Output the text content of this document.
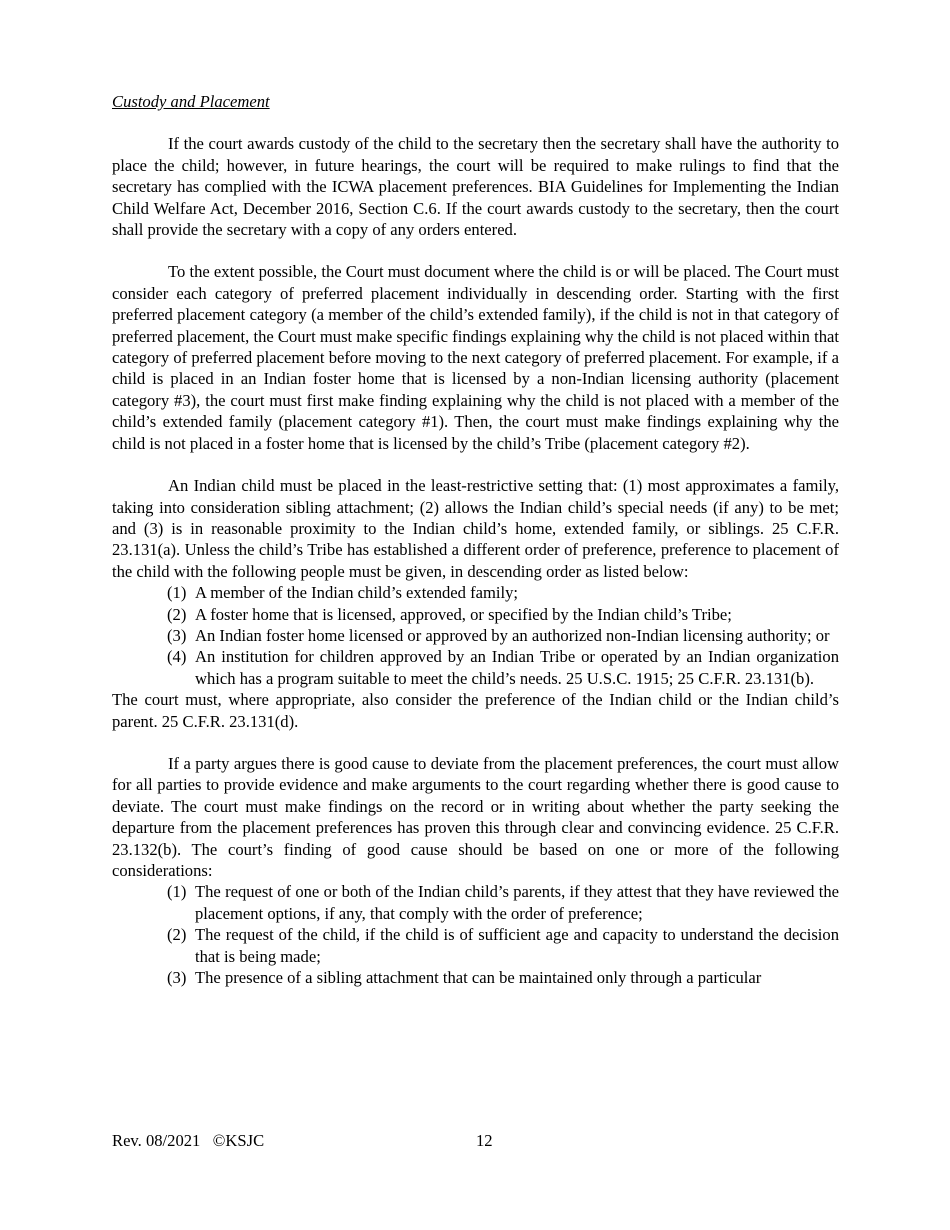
Custody and Placement

If the court awards custody of the child to the secretary then the secretary shall have the authority to place the child; however, in future hearings, the court will be required to make rulings to find that the secretary has complied with the ICWA placement preferences. BIA Guidelines for Implementing the Indian Child Welfare Act, December 2016, Section C.6. If the court awards custody to the secretary, then the court shall provide the secretary with a copy of any orders entered.

To the extent possible, the Court must document where the child is or will be placed. The Court must consider each category of preferred placement individually in descending order. Starting with the first preferred placement category (a member of the child’s extended family), if the child is not in that category of preferred placement, the Court must make specific findings explaining why the child is not placed within that category of preferred placement before moving to the next category of preferred placement. For example, if a child is placed in an Indian foster home that is licensed by a non-Indian licensing authority (placement category #3), the court must first make finding explaining why the child is not placed with a member of the child’s extended family (placement category #1). Then, the court must make findings explaining why the child is not placed in a foster home that is licensed by the child’s Tribe (placement category #2).

An Indian child must be placed in the least-restrictive setting that: (1) most approximates a family, taking into consideration sibling attachment; (2) allows the Indian child’s special needs (if any) to be met; and (3) is in reasonable proximity to the Indian child’s home, extended family, or siblings. 25 C.F.R. 23.131(a). Unless the child’s Tribe has established a different order of preference, preference to placement of the child with the following people must be given, in descending order as listed below:

(1) A member of the Indian child’s extended family;
(2) A foster home that is licensed, approved, or specified by the Indian child’s Tribe;
(3) An Indian foster home licensed or approved by an authorized non-Indian licensing authority; or
(4) An institution for children approved by an Indian Tribe or operated by an Indian organization which has a program suitable to meet the child’s needs. 25 U.S.C. 1915; 25 C.F.R. 23.131(b).

The court must, where appropriate, also consider the preference of the Indian child or the Indian child’s parent. 25 C.F.R. 23.131(d).

If a party argues there is good cause to deviate from the placement preferences, the court must allow for all parties to provide evidence and make arguments to the court regarding whether there is good cause to deviate. The court must make findings on the record or in writing about whether the party seeking the departure from the placement preferences has proven this through clear and convincing evidence. 25 C.F.R. 23.132(b). The court’s finding of good cause should be based on one or more of the following considerations:

(1) The request of one or both of the Indian child’s parents, if they attest that they have reviewed the placement options, if any, that comply with the order of preference;
(2) The request of the child, if the child is of sufficient age and capacity to understand the decision that is being made;
(3) The presence of a sibling attachment that can be maintained only through a particular
Rev. 08/2021   ©KSJC	12
